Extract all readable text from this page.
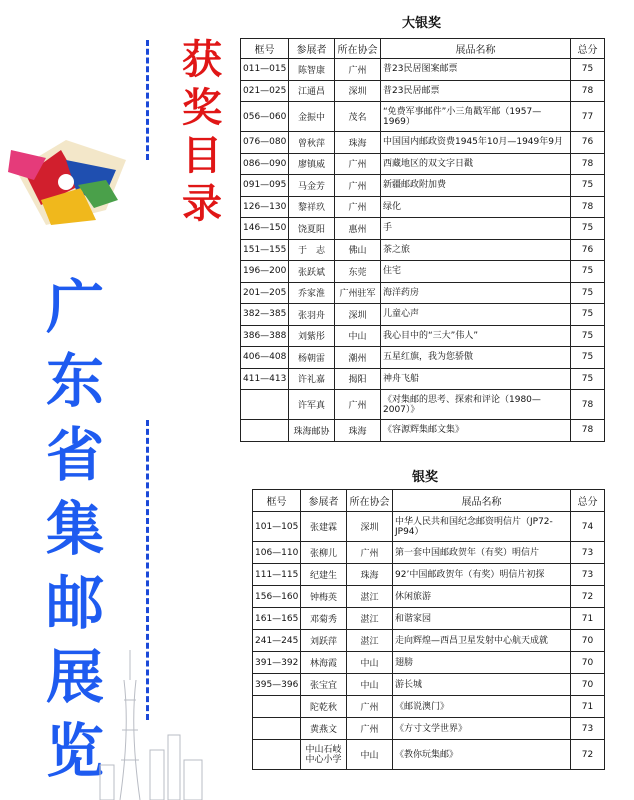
获
奖
目
录
广
东
省
集
邮
展
览
大银奖
框号	参展者	所在协会	展品名称	总分
011—015	陈智康	广州	普23民居图案邮票	75
021—025	江通昌	深圳	普23民居邮票	78
056—060	金振中	茂名	“免费军事邮件”小三角戳军邮（1957—1969）	77
076—080	曾秋萍	珠海	中国国内邮政资费1945年10月—1949年9月	76
086—090	廖镇威	广州	西藏地区的双文字日戳	78
091—095	马金芳	广州	新疆邮政附加费	75
126—130	黎祥玖	广州	绿化	78
146—150	饶夏阳	惠州	手	75
151—155	于　志	佛山	茶之旅	76
196—200	张跃斌	东莞	住宅	75
201—205	乔家淮	广州驻军	海洋药房	75
382—385	张羽舟	深圳	儿童心声	75
386—388	刘紫彤	中山	我心目中的“三大”伟人”	75
406—408	杨朝雷	潮州	五星红旗，我为您骄傲	75
411—413	许礼嘉	揭阳	神舟飞船	75
	许军真	广州	《对集邮的思考、探索和评论（1980—2007）》	78
	珠海邮协	珠海	《容源辉集邮文集》	78
银奖
框号	参展者	所在协会	展品名称	总分
101—105	张建霖	深圳	中华人民共和国纪念邮资明信片（JP72-JP94）	74
106—110	张柳儿	广州	第一套中国邮政贺年（有奖）明信片	73
111—115	纪建生	珠海	92’中国邮政贺年（有奖）明信片初探	73
156—160	钟梅英	湛江	休闲旅游	72
161—165	邓菊秀	湛江	和谐家园	71
241—245	刘跃萍	湛江	走向辉煌—西昌卫星发射中心航天成就	70
391—392	林海霞	中山	翅膀	70
395—396	张宝宜	中山	游长城	70
	陀乾秋	广州	《邮说澳门》	71
	黄燕文	广州	《方寸文学世界》	73
	中山石岐中心小学	中山	《教你玩集邮》	72
